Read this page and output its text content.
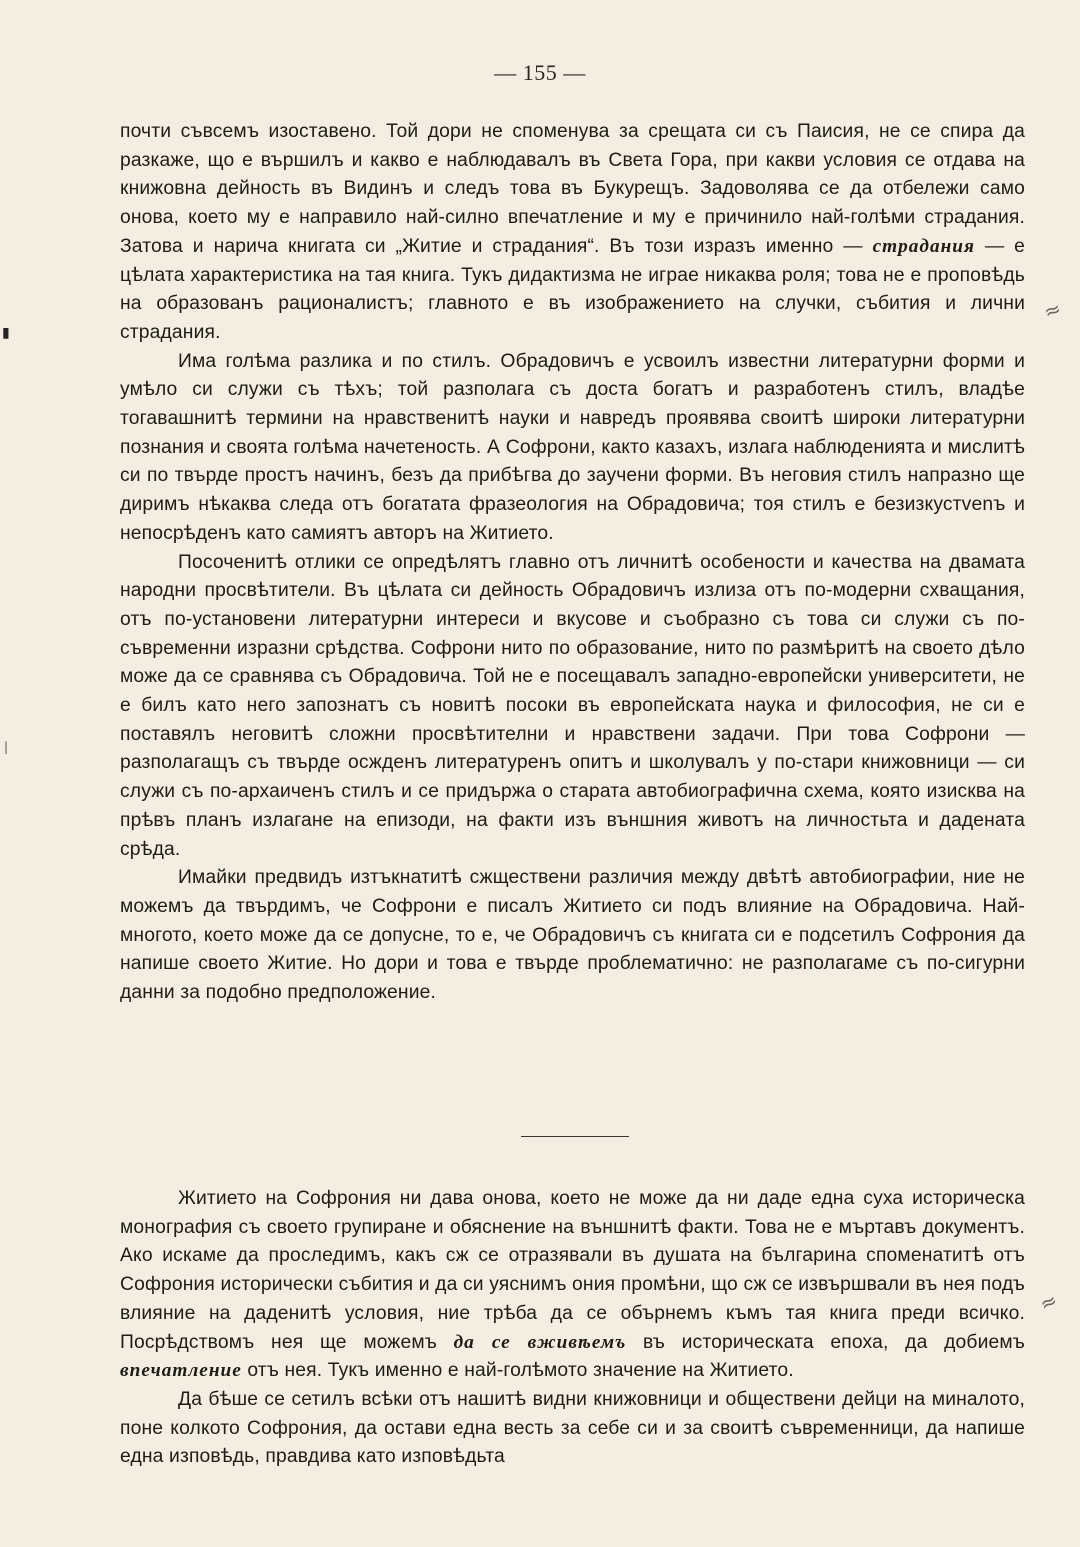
— 155 —

почти съвсемъ изоставено. Той дори не споменува за срещата си съ Паисия, не се спира да разкаже, що е вършилъ и какво е наблюдавалъ въ Света Гора, при какви условия се отдава на книжовна дейность въ Видинъ и следъ това въ Букурещъ. Задоволява се да отбележи само онова, което му е направило най-силно впечатление и му е причинило най-голѣми страдания. Затова и нарича книгата си „Житие и страдания“. Въ този изразъ именно — страдания — е цѣлата характеристика на тая книга. Тукъ дидактизма не играе никаква роля; това не е проповѣдь на образованъ рационалистъ; главното е въ изображението на случки, събития и лични страдания.

Има голѣма разлика и по стилъ. Обрадовичъ е усвоилъ известни литературни форми и умѣло си служи съ тѣхъ; той разполага съ доста богатъ и разработенъ стилъ, владѣе тогавашнитѣ термини на нравственитѣ науки и навредъ проявява своитѣ широки литературни познания и своята голѣма начетеность. А Софрони, както казахъ, излага наблюденията и мислитѣ си по твърде простъ начинъ, безъ да прибѣгва до заучени форми. Въ неговия стилъ напразно ще диримъ нѣкаква следа отъ богатата фразеология на Обрадовича; тоя стилъ е безизкустvenъ и непосрѣденъ като самиятъ авторъ на Житието.

Посоченитѣ отлики се опредѣлятъ главно отъ личнитѣ особености и качества на двамата народни просвѣтители. Въ цѣлата си дейность Обрадовичъ излиза отъ по-модерни схващания, отъ по-установени литературни интереси и вкусове и съобразно съ това си служи съ по-съвременни изразни срѣдства. Софрони нито по образование, нито по размѣритѣ на своето дѣло може да се сравнява съ Обрадовича. Той не е посещавалъ западно-европейски университети, не е билъ като него запознатъ съ новитѣ посоки въ европейската наука и философия, не си е поставялъ неговитѣ сложни просвѣтителни и нравствени задачи. При това Софрони — разполагащъ съ твърде осжденъ литературенъ опитъ и школувалъ у по-стари книжовници — си служи съ по-архаиченъ стилъ и се придържа о старата автобиографична схема, която изисква на прѣвъ планъ излагане на епизоди, на факти изъ външния животъ на личностьта и дадената срѣда.

Имайки предвидъ изтъкнатитѣ сжществени различия между двѣтѣ автобиографии, ние не можемъ да твърдимъ, че Софрони е писалъ Житието си подъ влияние на Обрадовича. Най-многото, което може да се допусне, то е, че Обрадовичъ съ книгата си е подсетилъ Софрония да напише своето Житие. Но дори и това е твърде проблематично: не разполагаме съ по-сигурни данни за подобно предположение.

Житието на Софрония ни дава онова, което не може да ни даде една суха историческа монография съ своето групиране и обяснение на външнитѣ факти. Това не е мъртавъ документъ. Ако искаме да проследимъ, какъ сж се отразявали въ душата на българина споменатитѣ отъ Софрония исторически събития и да си уяснимъ ония промѣни, що сж се извършвали въ нея подъ влияние на даденитѣ условия, ние трѣба да се обърнемъ къмъ тая книга преди всичко. Посрѣдствомъ нея ще можемъ да се вживѣемъ въ историческата епоха, да добиемъ впечатление отъ нея. Тукъ именно е най-голѣмото значение на Житието.

Да бѣше се сетилъ всѣки отъ нашитѣ видни книжовници и обществени дейци на миналото, поне колкото Софрония, да остави една весть за себе си и за своитѣ съвременници, да напише една изповѣдь, правдива като изповѣдьта

≈
≈
▮
|
